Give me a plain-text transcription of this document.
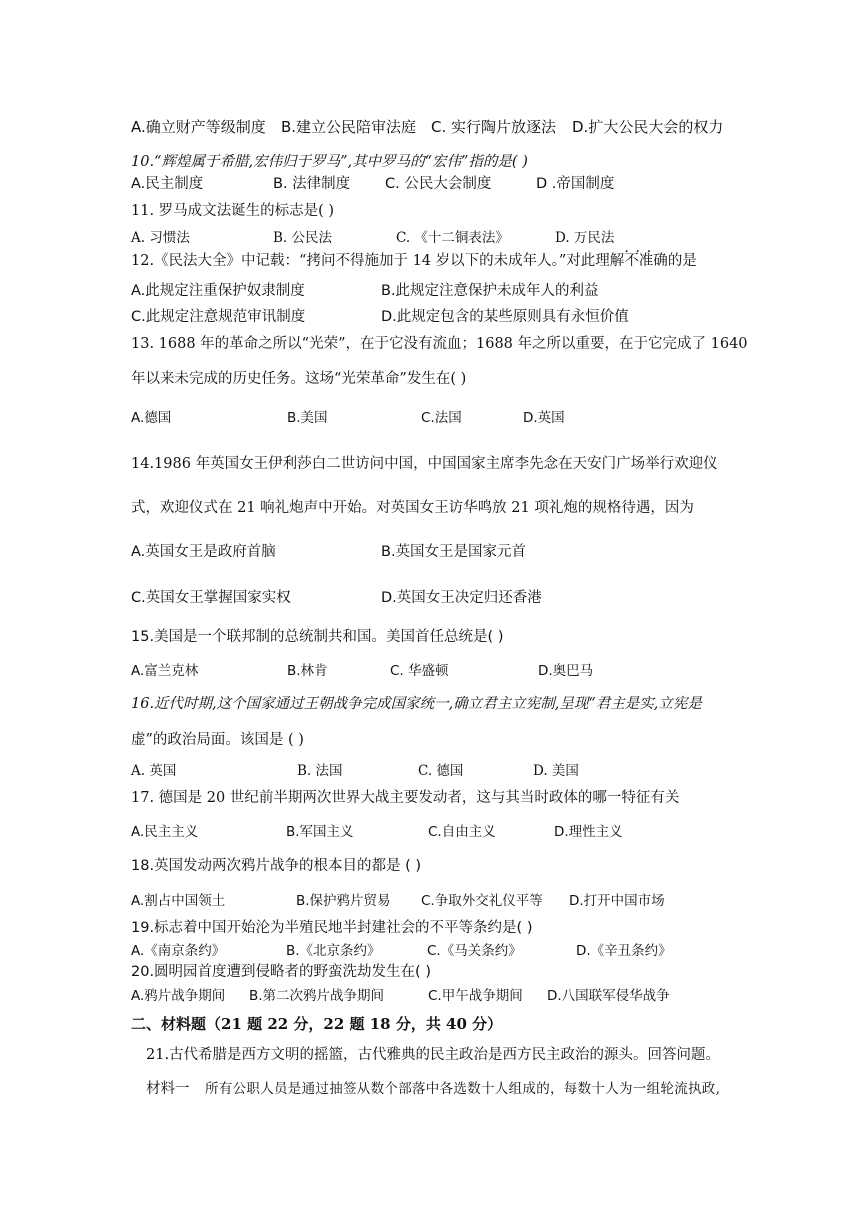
A.确立财产等级制度 B.建立公民陪审法庭 C. 实行陶片放逐法 D.扩大公民大会的权力
10.“辉煌属于希腊,宏伟归于罗马”,其中罗马的“宏伟”指的是( )
A.民主制度	B. 法律制度 C. 公民大会制度	D .帝国制度
11. 罗马成文法诞生的标志是( )
A. 习惯法	B. 公民法	C. 《十二铜表法》	D. 万民法
12.《民法大全》中记载：“拷问不得施加于 14 岁以下的未成年人。”对此理解不准确 · · ·的是
A.此规定注重保护奴隶制度	B.此规定注意保护未成年人的利益
C.此规定注意规范审讯制度	D.此规定包含的某些原则具有永恒价值
13. 1688 年的革命之所以“光荣”，在于它没有流血；1688 年之所以重要，在于它完成了 1640
年以来未完成的历史任务。这场“光荣革命”发生在( )
A.德国	B.美国	C.法国	D.英国
14.1986 年英国女王伊利莎白二世访问中国，中国国家主席李先念在天安门广场举行欢迎仪
式，欢迎仪式在 21 响礼炮声中开始。对英国女王访华鸣放 21 项礼炮的规格待遇，因为
A.英国女王是政府首脑	B.英国女王是国家元首
C.英国女王掌握国家实权	D.英国女王决定归还香港
15.美国是一个联邦制的总统制共和国。美国首任总统是( )
A.富兰克林	B.林肯	C. 华盛顿	D.奥巴马
16.近代时期,这个国家通过王朝战争完成国家统一,确立君主立宪制,呈现“君主是实,立宪是
虚”的政治局面。该国是 ( )
A. 英国	B. 法国	C. 德国	D. 美国
17. 德国是 20 世纪前半期两次世界大战主要发动者，这与其当时政体的哪一特征有关
A.民主主义	B.军国主义	C.自由主义	D.理性主义
18.英国发动两次鸦片战争的根本目的都是 ( )
A.割占中国领土	B.保护鸦片贸易 C.争取外交礼仪平等 D.打开中国市场
19.标志着中国开始沦为半殖民地半封建社会的不平等条约是( )
A.《南京条约》	B.《北京条约》	C.《马关条约》	D.《辛丑条约》
20.圆明园首度遭到侵略者的野蛮洗劫发生在( )
A.鸦片战争期间 B.第二次鸦片战争期间	C.甲午战争期间 D.八国联军侵华战争
二、材料题（21 题 22 分，22 题 18 分，共 40 分）
21.古代希腊是西方文明的摇篮，古代雅典的民主政治是西方民主政治的源头。回答问题。
材料一 所有公职人员是通过抽签从数个部落中各选数十人组成的，每数十人为一组轮流执政,
